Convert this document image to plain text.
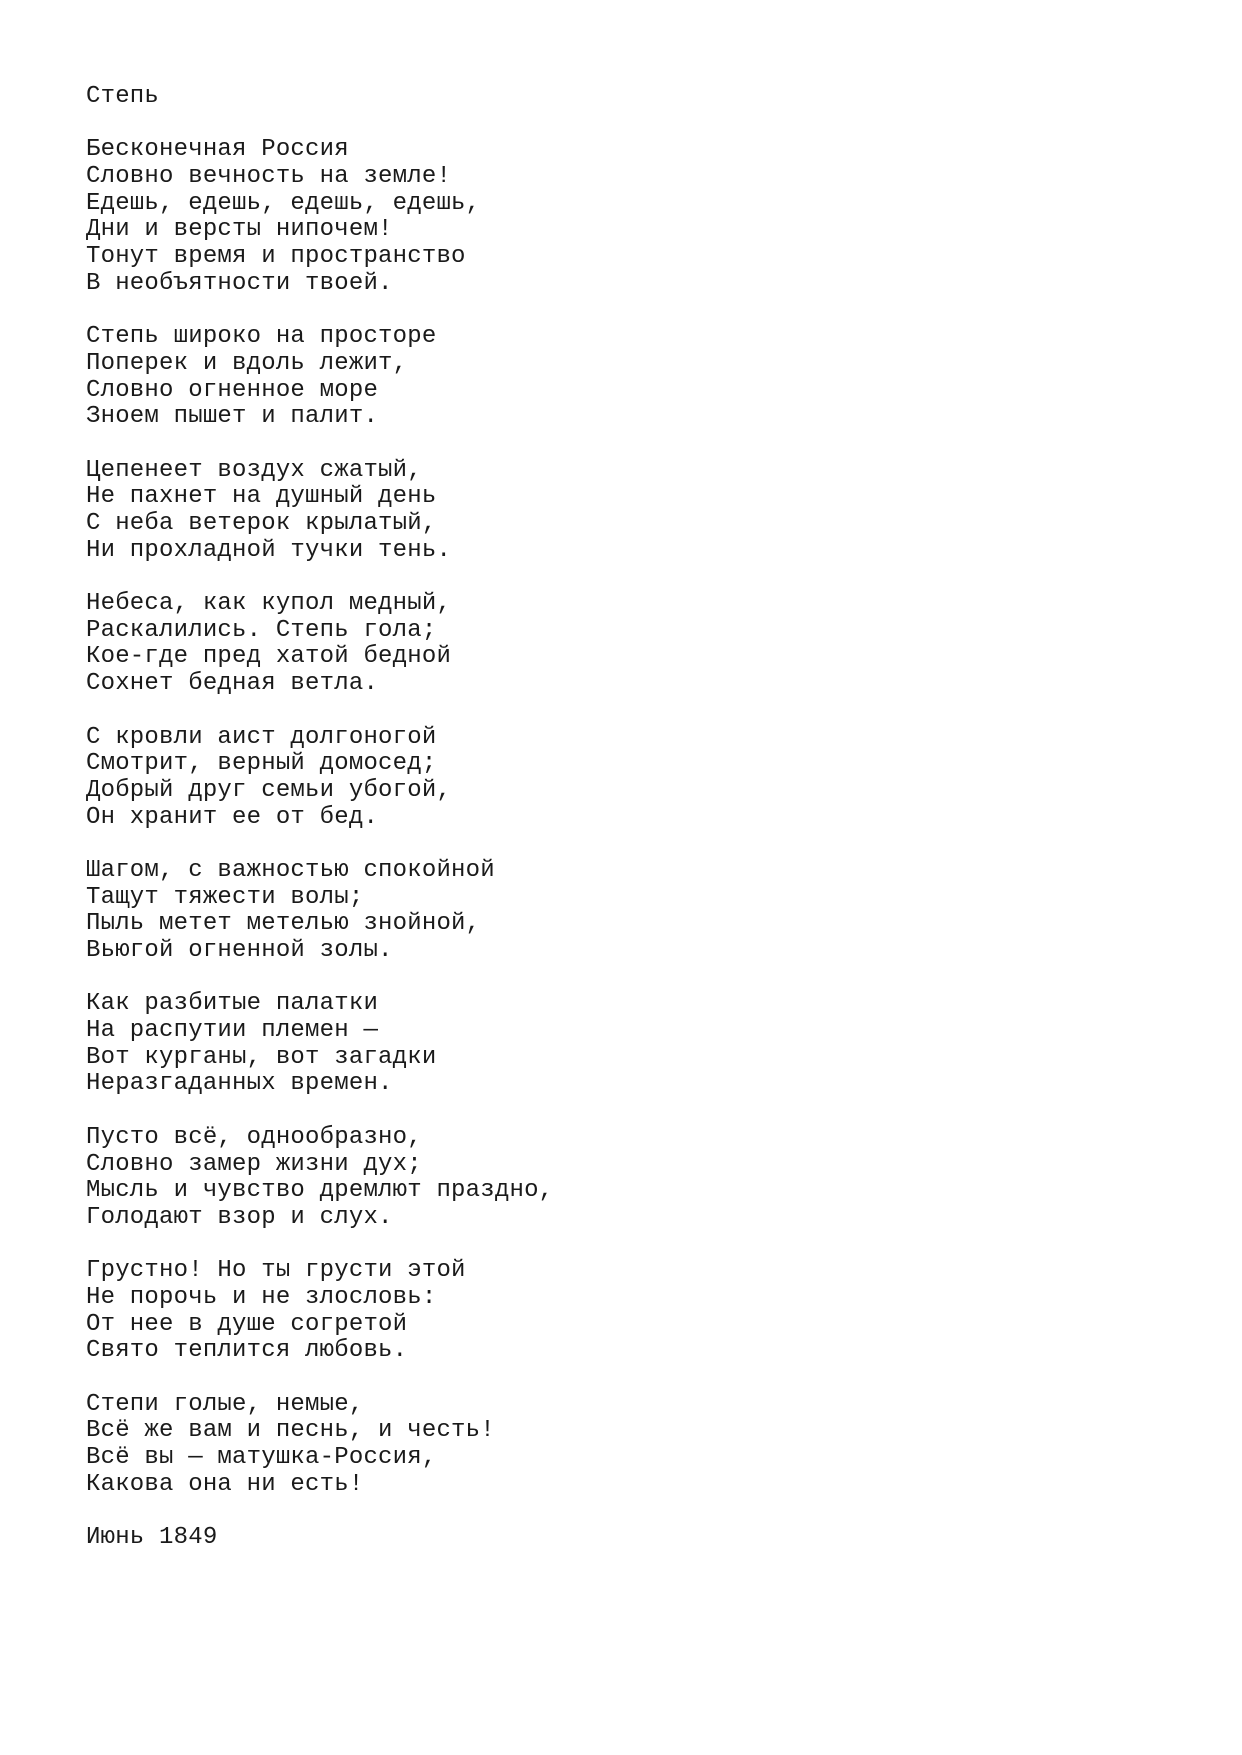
Степь
Бесконечная Россия
Словно вечность на земле!
Едешь, едешь, едешь, едешь,
Дни и версты нипочем!
Тонут время и пространство
В необъятности твоей.
Степь широко на просторе
Поперек и вдоль лежит,
Словно огненное море
Зноем пышет и палит.
Цепенеет воздух сжатый,
Не пахнет на душный день
С неба ветерок крылатый,
Ни прохладной тучки тень.
Небеса, как купол медный,
Раскалились. Степь гола;
Кое-где пред хатой бедной
Сохнет бедная ветла.
С кровли аист долгоногой
Смотрит, верный домосед;
Добрый друг семьи убогой,
Он хранит ее от бед.
Шагом, с важностью спокойной
Тащут тяжести волы;
Пыль метет метелью знойной,
Вьюгой огненной золы.
Как разбитые палатки
На распутии племен —
Вот курганы, вот загадки
Неразгаданных времен.
Пусто всё, однообразно,
Словно замер жизни дух;
Мысль и чувство дремлют праздно,
Голодают взор и слух.
Грустно! Но ты грусти этой
Не порочь и не злословь:
От нее в душе согретой
Свято теплится любовь.
Степи голые, немые,
Всё же вам и песнь, и честь!
Всё вы — матушка-Россия,
Какова она ни есть!
Июнь 1849
